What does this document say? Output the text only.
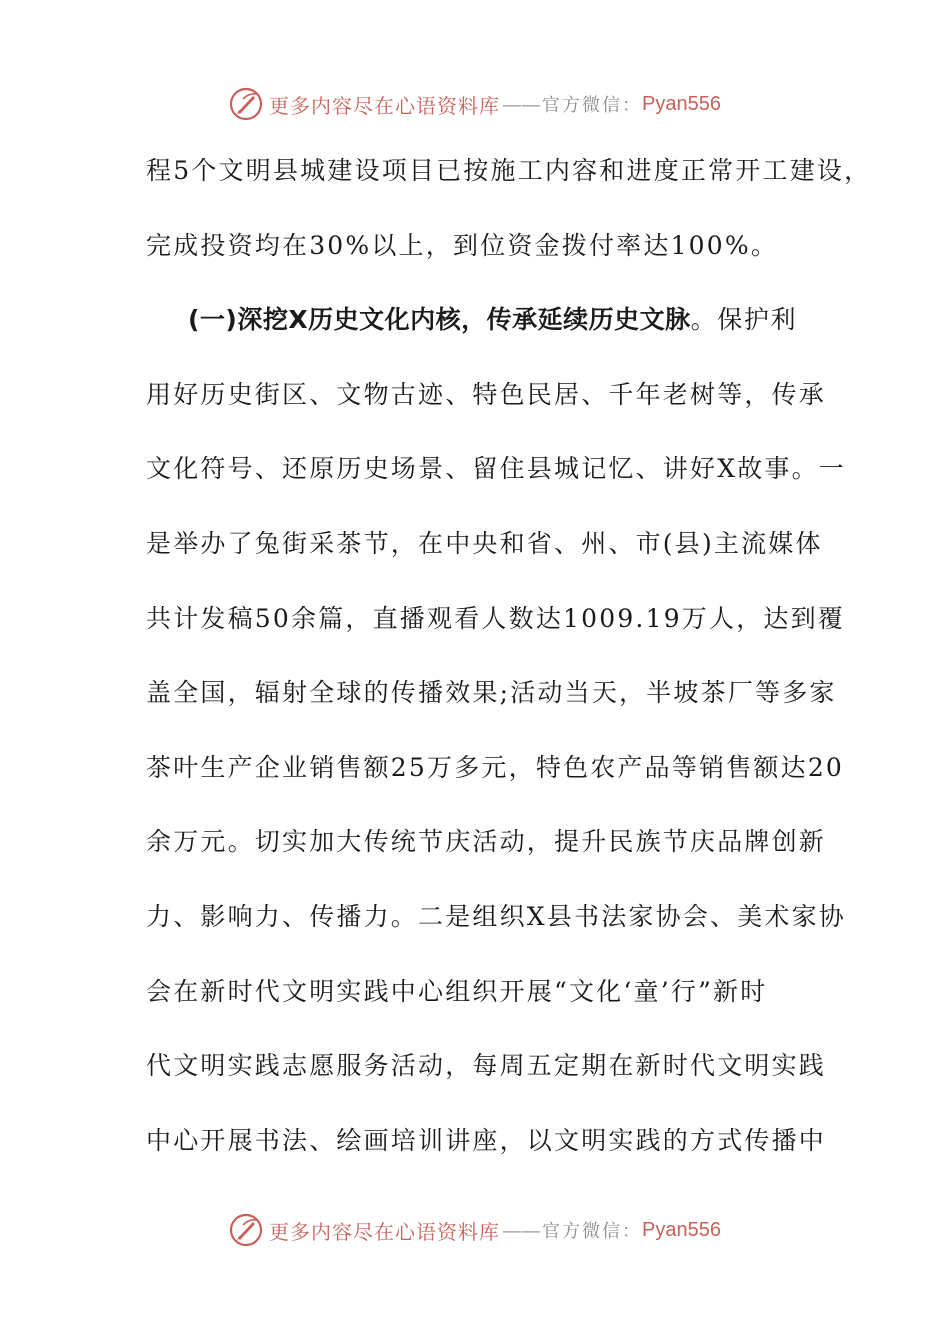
更多内容尽在心语资料库 —— 官方微信： Pyan556
程5个文明县城建设项目已按施工内容和进度正常开工建设，
完成投资均在30%以上，到位资金拨付率达100%。
(一)深挖X历史文化内核，传承延续历史文脉。保护利
用好历史街区、文物古迹、特色民居、千年老树等，传承
文化符号、还原历史场景、留住县城记忆、讲好X故事。一
是举办了兔街采茶节，在中央和省、州、市(县)主流媒体
共计发稿50余篇，直播观看人数达1009.19万人，达到覆
盖全国，辐射全球的传播效果;活动当天，半坡茶厂等多家
茶叶生产企业销售额25万多元，特色农产品等销售额达20
余万元。切实加大传统节庆活动，提升民族节庆品牌创新
力、影响力、传播力。二是组织X县书法家协会、美术家协
会在新时代文明实践中心组织开展“文化‘童’行”新时
代文明实践志愿服务活动，每周五定期在新时代文明实践
中心开展书法、绘画培训讲座，以文明实践的方式传播中
更多内容尽在心语资料库 —— 官方微信： Pyan556
